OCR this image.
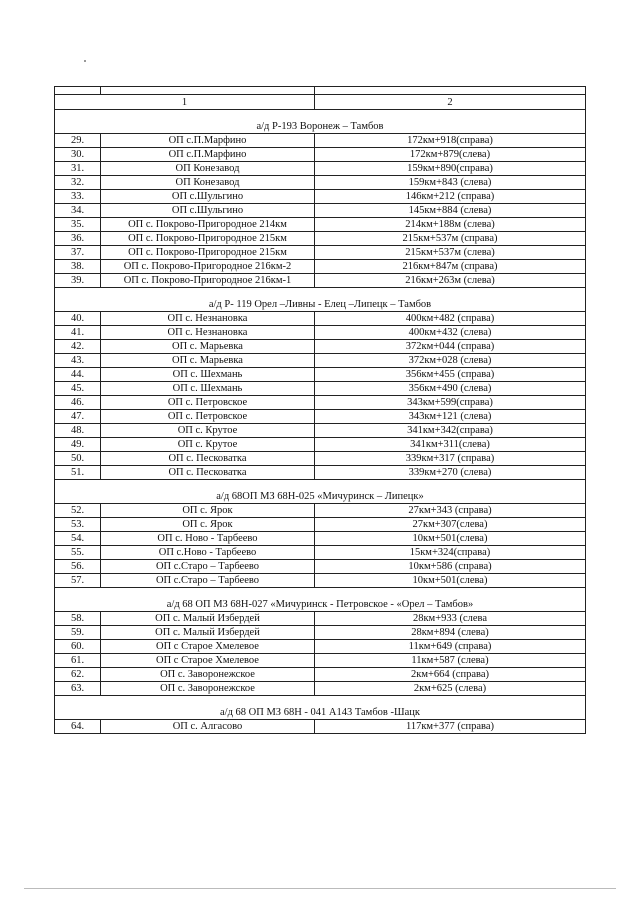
1		2

а/д Р-193 Воронеж – Тамбов		
29.	ОП с.П.Марфино	172км+918(справа)
30.	ОП с.П.Марфино	172км+879(слева)
31.	ОП Конезавод	159км+890(справа)
32.	ОП Конезавод	159км+843 (слева)
33.	ОП с.Шульгино	146км+212 (справа)
34.	ОП с.Шульгино	145км+884 (слева)
35.	ОП с. Покрово-Пригородное 214км	214км+188м (слева)
36.	ОП с. Покрово-Пригородное 215км	215км+537м (справа)
37.	ОП с. Покрово-Пригородное 215км	215км+537м (слева)
38.	ОП с. Покрово-Пригородное 216км-2	216км+847м (справа)
39.	ОП с. Покрово-Пригородное 216км-1	216км+263м (слева)

а/д Р- 119 Орел –Ливны - Елец –Липецк – Тамбов		
40.	ОП с. Незнановка	400км+482 (справа)
41.	ОП с. Незнановка	400км+432 (слева)
42.	ОП с. Марьевка	372км+044 (справа)
43.	ОП с. Марьевка	372км+028 (слева)
44.	ОП с. Шехмань	356км+455 (справа)
45.	ОП с. Шехмань	356км+490 (слева)
46.	ОП с. Петровское	343км+599(справа)
47.	ОП с. Петровское	343км+121 (слева)
48.	ОП с. Крутое	341км+342(справа)
49.	ОП с. Крутое	341км+311(слева)
50.	ОП с. Песковатка	339км+317 (справа)
51.	ОП с. Песковатка	339км+270 (слева)

а/д 68ОП МЗ 68Н-025 «Мичуринск – Липецк»		
52.	ОП с. Ярок	27км+343 (справа)
53.	ОП с. Ярок	27км+307(слева)
54.	ОП с. Ново - Тарбеево	10км+501(слева)
55.	ОП с.Ново - Тарбеево	15км+324(справа)
56.	ОП с.Старо – Тарбеево	10км+586 (справа)
57.	ОП с.Старо – Тарбеево	10км+501(слева)

а/д 68 ОП МЗ 68Н-027 «Мичуринск - Петровское - «Орел – Тамбов»		
58.	ОП с. Малый Избердей	28км+933 (слева
59.	ОП с. Малый Избердей	28км+894 (слева)
60.	ОП с Старое Хмелевое	11км+649 (справа)
61.	ОП с Старое Хмелевое	11км+587 (слева)
62.	ОП с. Заворонежское	2км+664 (справа)
63.	ОП с. Заворонежское	2км+625 (слева)

а/д 68 ОП МЗ 68Н - 041 А143 Тамбов -Шацк		
64.	ОП с. Алгасово	117км+377 (справа)
